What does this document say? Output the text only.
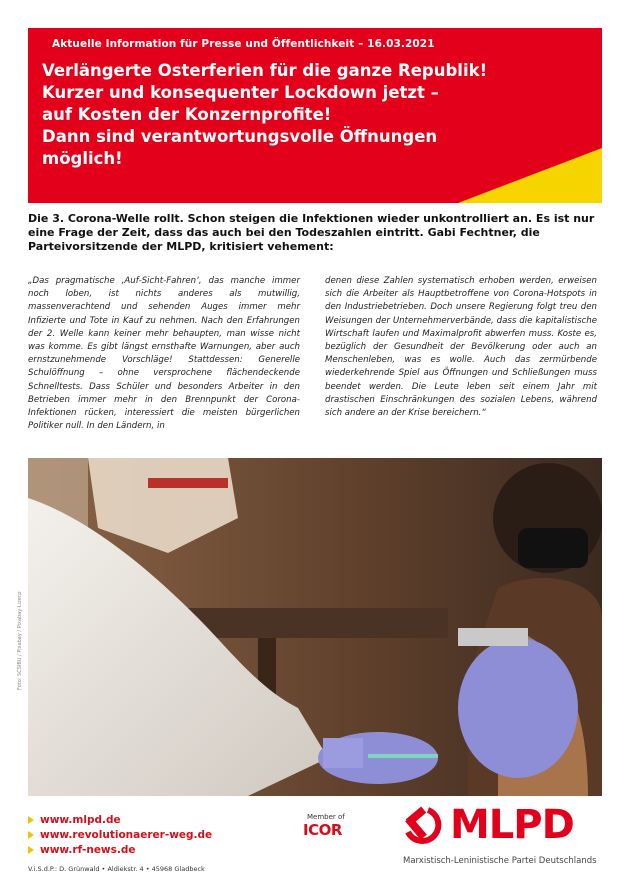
Aktuelle Information für Presse und Öffentlichkeit – 16.03.2021
Verlängerte Osterferien für die ganze Republik!
Kurzer und konsequenter Lockdown jetzt –
auf Kosten der Konzernprofite!
Dann sind verantwortungsvolle Öffnungen
möglich!
Die 3. Corona-Welle rollt. Schon steigen die Infektionen wieder unkontrolliert an. Es ist nur eine Frage der Zeit, dass das auch bei den Todeszahlen eintritt. Gabi Fechtner, die Parteivorsitzende der MLPD, kritisiert vehement:
„Das pragmatische ‚Auf-Sicht-Fahren‘, das manche immer noch loben, ist nichts anderes als mutwillig, massenverachtend und sehenden Auges immer mehr Infizierte und Tote in Kauf zu nehmen. Nach den Erfahrungen der 2. Welle kann keiner mehr behaupten, man wisse nicht was komme. Es gibt längst ernsthafte Warnungen, aber auch ernstzunehmende Vorschläge! Stattdessen: Generelle Schulöffnung – ohne versprochene flächendeckende Schnelltests. Dass Schüler und besonders Arbeiter in den Betrieben immer mehr in den Brennpunkt der Corona-Infektionen rücken, interessiert die meisten bürgerlichen Politiker null. In den Ländern, in
denen diese Zahlen systematisch erhoben werden, erweisen sich die Arbeiter als Hauptbetroffene von Corona-Hotspots in den Industriebetrieben. Doch unsere Regierung folgt treu den Weisungen der Unternehmerverbände, dass die kapitalistische Wirtschaft laufen und Maximalprofit abwerfen muss. Koste es, bezüglich der Gesundheit der Bevölkerung oder auch an Menschenleben, was es wolle. Auch das zermürbende wiederkehrende Spiel aus Öffnungen und Schließungen muss beendet werden. Die Leute leben seit einem Jahr mit drastischen Einschränkungen des sozialen Lebens, während sich andere an der Krise bereichern.“
Foto: SCSIBU / Pixabay / Pixabay-Lizenz
www.mlpd.de
www.revolutionaerer-weg.de
www.rf-news.de
V.i.S.d.P.: D. Grünwald • Aldiekstr. 4 • 45968 Gladbeck
Member of
ICOR	MLPD
Marxistisch-Leninistische Partei Deutschlands
